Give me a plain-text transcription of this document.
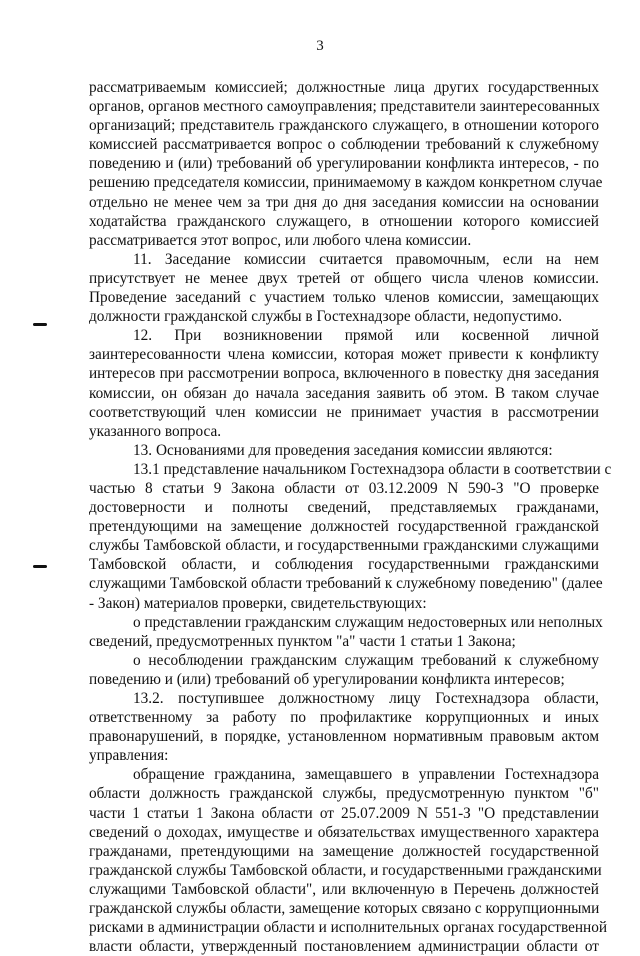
3
рассматриваемым комиссией; должностные лица других государственных
органов, органов местного самоуправления; представители заинтересованных
организаций; представитель гражданского служащего, в отношении которого
комиссией рассматривается вопрос о соблюдении требований к служебному
поведению и (или) требований об урегулировании конфликта интересов, - по
решению председателя комиссии, принимаемому в каждом конкретном случае
отдельно не менее чем за три дня до дня заседания комиссии на основании
ходатайства гражданского служащего, в отношении которого комиссией
рассматривается этот вопрос, или любого члена комиссии.
11. Заседание комиссии считается правомочным, если на нем
присутствует не менее двух третей от общего числа членов комиссии.
Проведение заседаний с участием только членов комиссии, замещающих
должности гражданской службы в Гостехнадзоре области, недопустимо.
12. При возникновении прямой или косвенной личной
заинтересованности члена комиссии, которая может привести к конфликту
интересов при рассмотрении вопроса, включенного в повестку дня заседания
комиссии, он обязан до начала заседания заявить об этом. В таком случае
соответствующий член комиссии не принимает участия в рассмотрении
указанного вопроса.
13. Основаниями для проведения заседания комиссии являются:
13.1 представление начальником Гостехнадзора области в соответствии с
частью 8 статьи 9 Закона области от 03.12.2009 N 590-З "О проверке
достоверности и полноты сведений, представляемых гражданами,
претендующими на замещение должностей государственной гражданской
службы Тамбовской области, и государственными гражданскими служащими
Тамбовской области, и соблюдения государственными гражданскими
служащими Тамбовской области требований к служебному поведению" (далее
- Закон) материалов проверки, свидетельствующих:
о представлении гражданским служащим недостоверных или неполных
сведений, предусмотренных пунктом "а" части 1 статьи 1 Закона;
о несоблюдении гражданским служащим требований к служебному
поведению и (или) требований об урегулировании конфликта интересов;
13.2. поступившее должностному лицу Гостехнадзора области,
ответственному за работу по профилактике коррупционных и иных
правонарушений, в порядке, установленном нормативным правовым актом
управления:
обращение гражданина, замещавшего в управлении Гостехнадзора
области должность гражданской службы, предусмотренную пунктом "б"
части 1 статьи 1 Закона области от 25.07.2009 N 551-З "О представлении
сведений о доходах, имуществе и обязательствах имущественного характера
гражданами, претендующими на замещение должностей государственной
гражданской службы Тамбовской области, и государственными гражданскими
служащими Тамбовской области", или включенную в Перечень должностей
гражданской службы области, замещение которых связано с коррупционными
рисками в администрации области и исполнительных органах государственной
власти области, утвержденный постановлением администрации области от
